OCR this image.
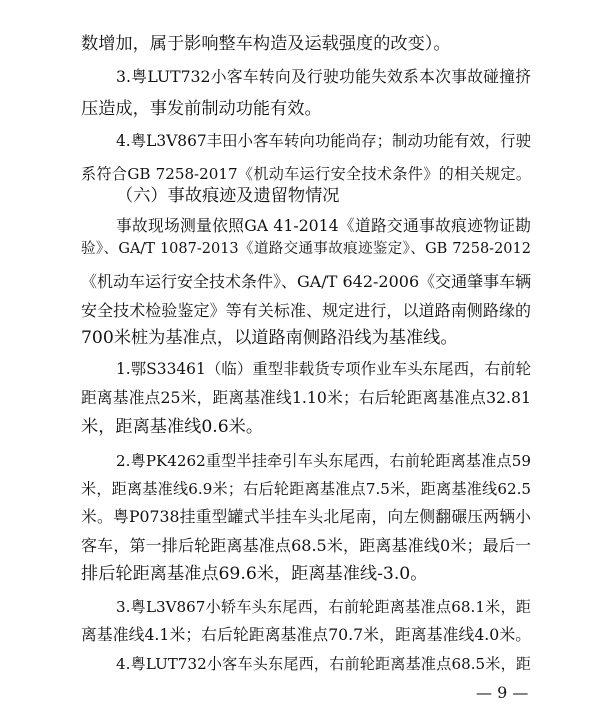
数增加，属于影响整车构造及运载强度的改变）。
3.粤LUT732小客车转向及行驶功能失效系本次事故碰撞挤
压造成，事发前制动功能有效。
4.粤L3V867丰田小客车转向功能尚存；制动功能有效，行驶
系符合GB 7258-2017《机动车运行安全技术条件》的相关规定。
（六）事故痕迹及遗留物情况
事故现场测量依照GA 41-2014《道路交通事故痕迹物证勘
验》、GA/T 1087-2013《道路交通事故痕迹鉴定》、GB 7258-2012
《机动车运行安全技术条件》、GA/T 642-2006《交通肇事车辆
安全技术检验鉴定》等有关标准、规定进行，以道路南侧路缘的
700米桩为基准点，以道路南侧路沿线为基准线。
1.鄂S33461（临）重型非载货专项作业车头东尾西，右前轮
距离基准点25米，距离基准线1.10米；右后轮距离基准点32.81
米，距离基准线0.6米。
2.粤PK4262重型半挂牵引车头东尾西，右前轮距离基准点59
米，距离基准线6.9米；右后轮距离基准点7.5米，距离基准线62.5
米。粤P0738挂重型罐式半挂车头北尾南，向左侧翻碾压两辆小
客车，第一排后轮距离基准点68.5米，距离基准线0米；最后一
排后轮距离基准点69.6米，距离基准线-3.0。
3.粤L3V867小轿车头东尾西，右前轮距离基准点68.1米，距
离基准线4.1米；右后轮距离基准点70.7米，距离基准线4.0米。
4.粤LUT732小客车头东尾西，右前轮距离基准点68.5米，距
— 9 —
